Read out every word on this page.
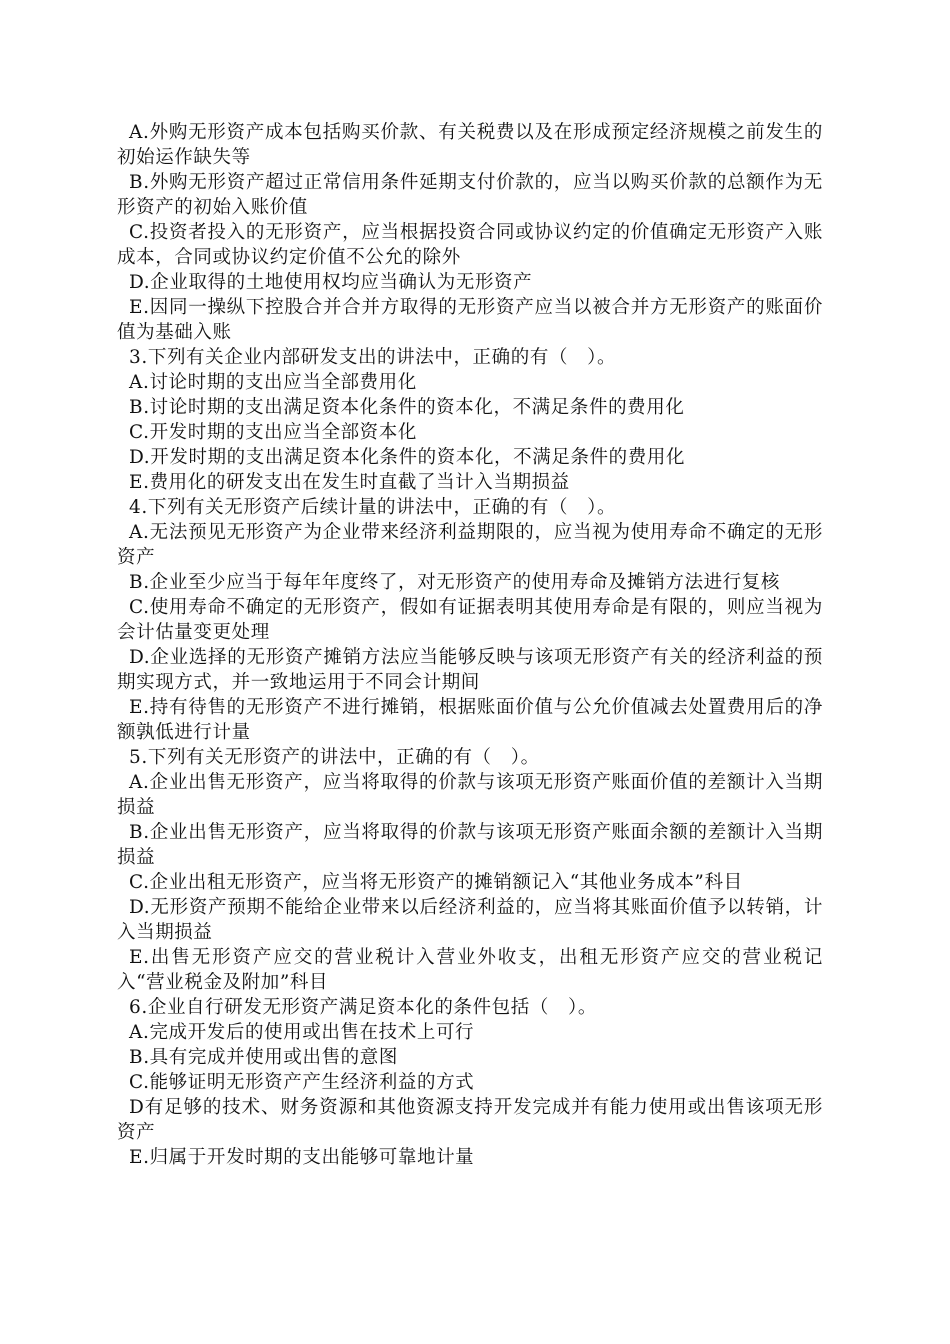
A.外购无形资产成本包括购买价款、有关税费以及在形成预定经济规模之前发生的初始运作缺失等

B.外购无形资产超过正常信用条件延期支付价款的，应当以购买价款的总额作为无形资产的初始入账价值

C.投资者投入的无形资产，应当根据投资合同或协议约定的价值确定无形资产入账成本，合同或协议约定价值不公允的除外

D.企业取得的土地使用权均应当确认为无形资产

E.因同一操纵下控股合并合并方取得的无形资产应当以被合并方无形资产的账面价值为基础入账

3.下列有关企业内部研发支出的讲法中，正确的有（　）。

A.讨论时期的支出应当全部费用化

B.讨论时期的支出满足资本化条件的资本化，不满足条件的费用化

C.开发时期的支出应当全部资本化

D.开发时期的支出满足资本化条件的资本化，不满足条件的费用化

E.费用化的研发支出在发生时直截了当计入当期损益

4.下列有关无形资产后续计量的讲法中，正确的有（　）。

A.无法预见无形资产为企业带来经济利益期限的，应当视为使用寿命不确定的无形资产

B.企业至少应当于每年年度终了，对无形资产的使用寿命及摊销方法进行复核

C.使用寿命不确定的无形资产，假如有证据表明其使用寿命是有限的，则应当视为会计估量变更处理

D.企业选择的无形资产摊销方法应当能够反映与该项无形资产有关的经济利益的预期实现方式，并一致地运用于不同会计期间

E.持有待售的无形资产不进行摊销，根据账面价值与公允价值减去处置费用后的净额孰低进行计量

5.下列有关无形资产的讲法中，正确的有（　）。

A.企业出售无形资产，应当将取得的价款与该项无形资产账面价值的差额计入当期损益

B.企业出售无形资产，应当将取得的价款与该项无形资产账面余额的差额计入当期损益

C.企业出租无形资产，应当将无形资产的摊销额记入“其他业务成本”科目

D.无形资产预期不能给企业带来以后经济利益的，应当将其账面价值予以转销，计入当期损益

E.出售无形资产应交的营业税计入营业外收支，出租无形资产应交的营业税记入“营业税金及附加”科目

6.企业自行研发无形资产满足资本化的条件包括（　）。

A.完成开发后的使用或出售在技术上可行

B.具有完成并使用或出售的意图

C.能够证明无形资产产生经济利益的方式

D有足够的技术、财务资源和其他资源支持开发完成并有能力使用或出售该项无形资产

E.归属于开发时期的支出能够可靠地计量
